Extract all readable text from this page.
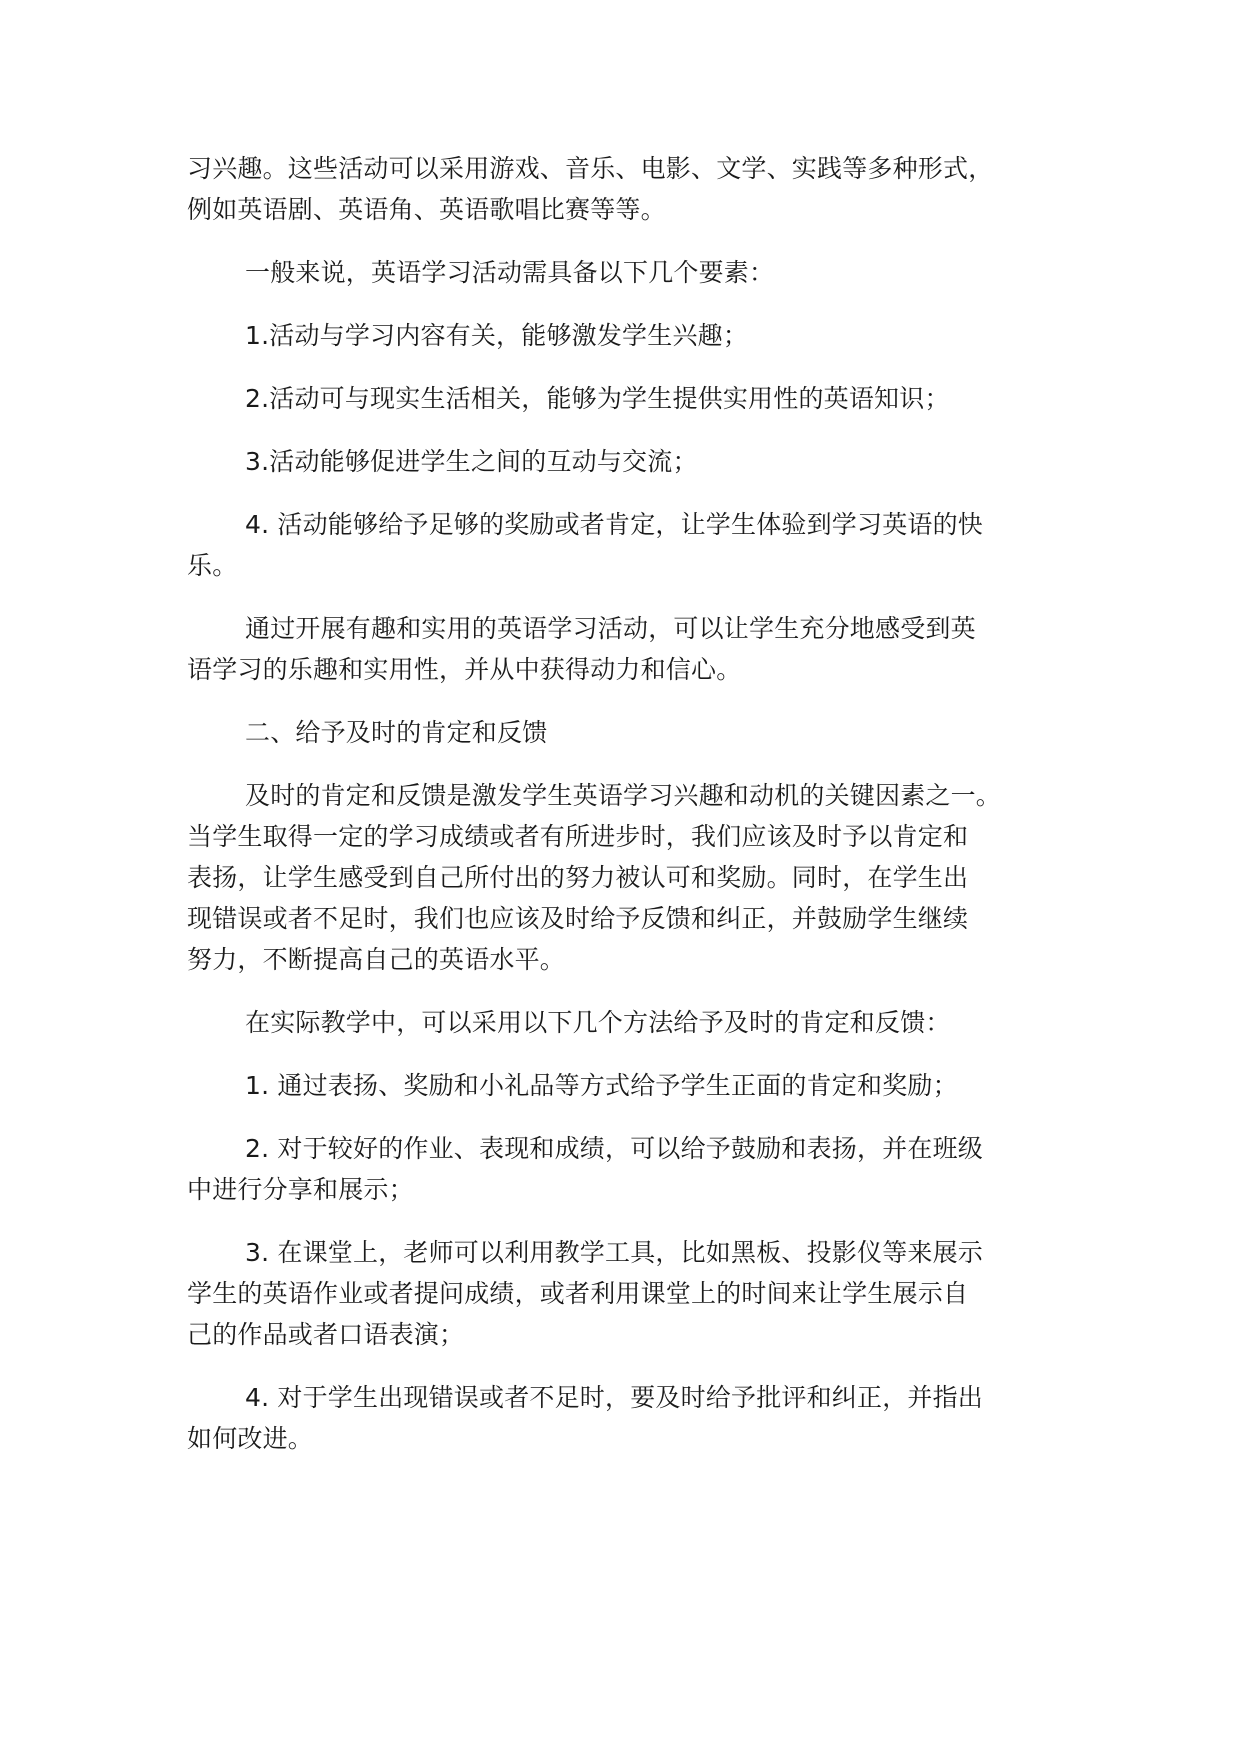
习兴趣。这些活动可以采用游戏、音乐、电影、文学、实践等多种形式，
例如英语剧、英语角、英语歌唱比赛等等。

一般来说，英语学习活动需具备以下几个要素：

1.活动与学习内容有关，能够激发学生兴趣；

2.活动可与现实生活相关，能够为学生提供实用性的英语知识；

3.活动能够促进学生之间的互动与交流；

4. 活动能够给予足够的奖励或者肯定，让学生体验到学习英语的快
乐。

通过开展有趣和实用的英语学习活动，可以让学生充分地感受到英
语学习的乐趣和实用性，并从中获得动力和信心。

二、给予及时的肯定和反馈

及时的肯定和反馈是激发学生英语学习兴趣和动机的关键因素之一。
当学生取得一定的学习成绩或者有所进步时，我们应该及时予以肯定和
表扬，让学生感受到自己所付出的努力被认可和奖励。同时，在学生出
现错误或者不足时，我们也应该及时给予反馈和纠正，并鼓励学生继续
努力，不断提高自己的英语水平。

在实际教学中，可以采用以下几个方法给予及时的肯定和反馈：

1. 通过表扬、奖励和小礼品等方式给予学生正面的肯定和奖励；

2. 对于较好的作业、表现和成绩，可以给予鼓励和表扬，并在班级
中进行分享和展示；

3. 在课堂上，老师可以利用教学工具，比如黑板、投影仪等来展示
学生的英语作业或者提问成绩，或者利用课堂上的时间来让学生展示自
己的作品或者口语表演；

4. 对于学生出现错误或者不足时，要及时给予批评和纠正，并指出
如何改进。
